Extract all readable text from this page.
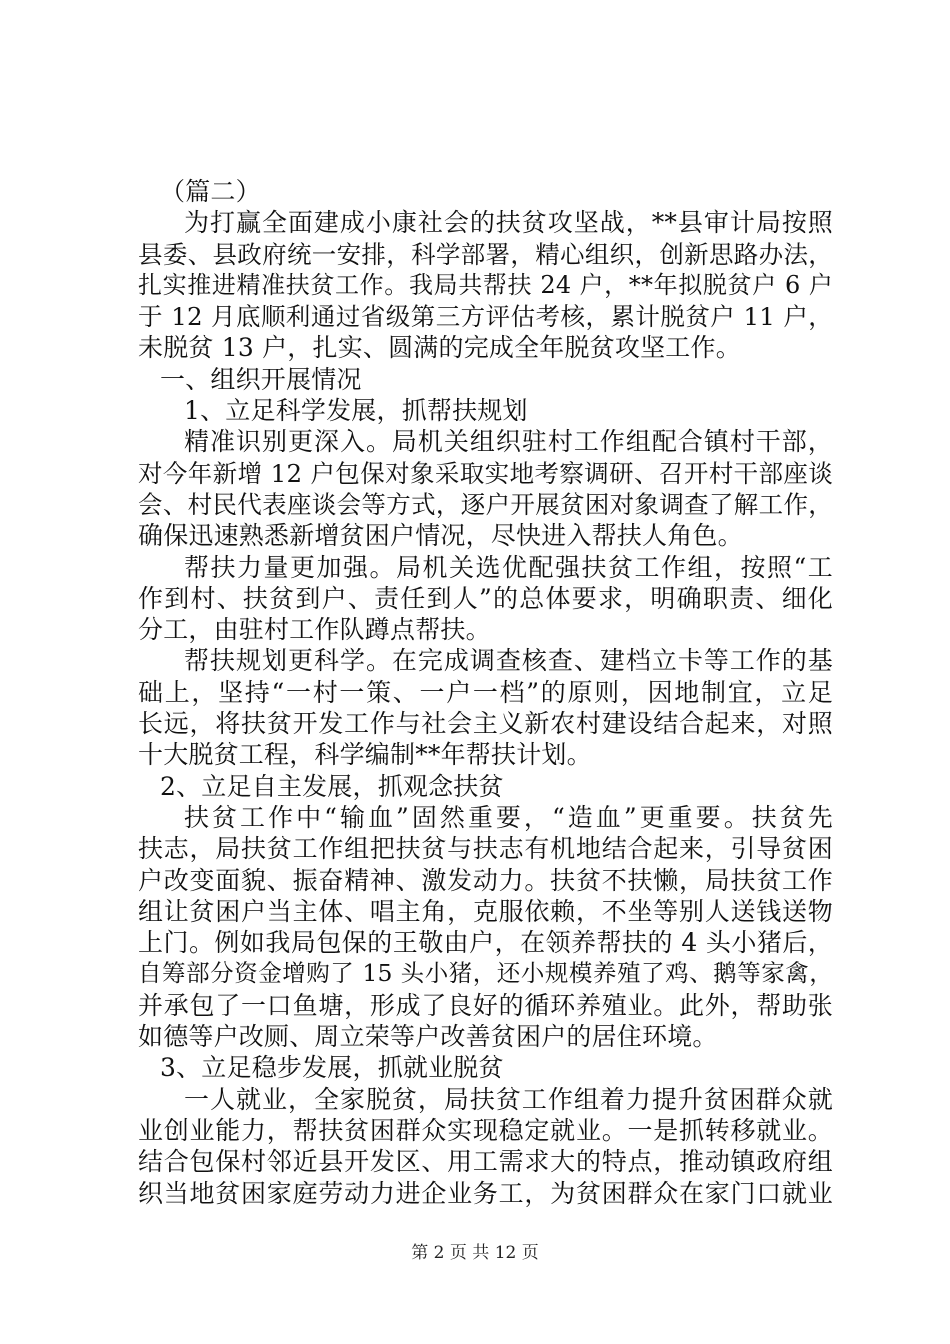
（篇二）
为打赢全面建成小康社会的扶贫攻坚战，**县审计局按照
县委、县政府统一安排，科学部署，精心组织，创新思路办法，
扎实推进精准扶贫工作。我局共帮扶 24 户，**年拟脱贫户 6 户
于 12 月底顺利通过省级第三方评估考核，累计脱贫户 11 户，
未脱贫 13 户，扎实、圆满的完成全年脱贫攻坚工作。
一、组织开展情况
1、立足科学发展，抓帮扶规划
精准识别更深入。局机关组织驻村工作组配合镇村干部，
对今年新增 12 户包保对象采取实地考察调研、召开村干部座谈
会、村民代表座谈会等方式，逐户开展贫困对象调查了解工作，
确保迅速熟悉新增贫困户情况，尽快进入帮扶人角色。
帮扶力量更加强。局机关选优配强扶贫工作组，按照“工
作到村、扶贫到户、责任到人”的总体要求，明确职责、细化
分工，由驻村工作队蹲点帮扶。
帮扶规划更科学。在完成调查核查、建档立卡等工作的基
础上，坚持“一村一策、一户一档”的原则，因地制宜，立足
长远，将扶贫开发工作与社会主义新农村建设结合起来，对照
十大脱贫工程，科学编制**年帮扶计划。
2、立足自主发展，抓观念扶贫
扶贫工作中“输血”固然重要，“造血”更重要。扶贫先
扶志，局扶贫工作组把扶贫与扶志有机地结合起来，引导贫困
户改变面貌、振奋精神、激发动力。扶贫不扶懒，局扶贫工作
组让贫困户当主体、唱主角，克服依赖，不坐等别人送钱送物
上门。例如我局包保的王敬由户，在领养帮扶的 4 头小猪后，
自筹部分资金增购了 15 头小猪，还小规模养殖了鸡、鹅等家禽，
并承包了一口鱼塘，形成了良好的循环养殖业。此外，帮助张
如德等户改厕、周立荣等户改善贫困户的居住环境。
3、立足稳步发展，抓就业脱贫
一人就业，全家脱贫，局扶贫工作组着力提升贫困群众就
业创业能力，帮扶贫困群众实现稳定就业。一是抓转移就业。
结合包保村邻近县开发区、用工需求大的特点，推动镇政府组
织当地贫困家庭劳动力进企业务工，为贫困群众在家门口就业
第 2 页 共 12 页
